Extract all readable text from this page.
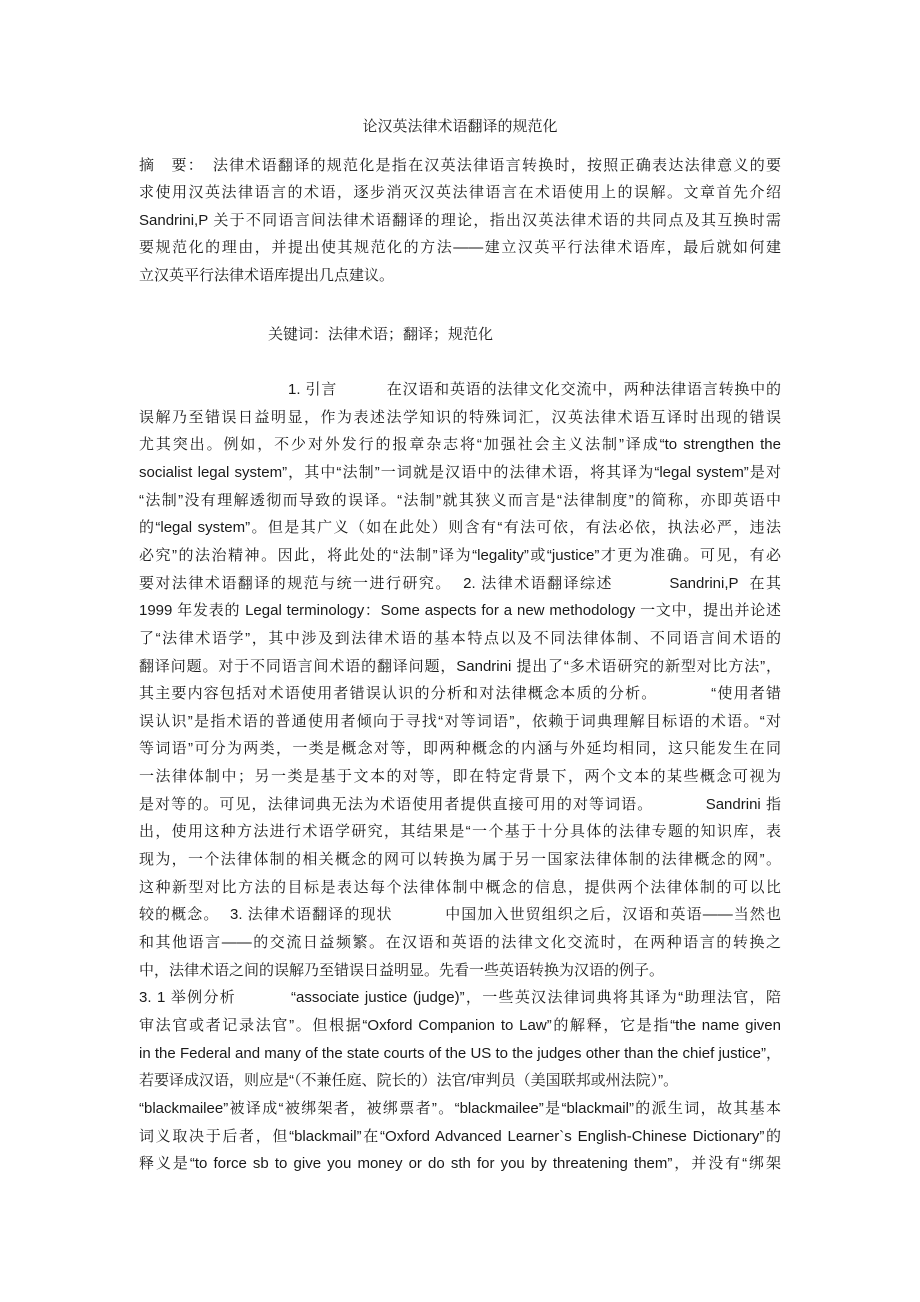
论汉英法律术语翻译的规范化
摘　要：　法律术语翻译的规范化是指在汉英法律语言转换时，按照正确表达法律意义的要
求使用汉英法律语言的术语，逐步消灭汉英法律语言在术语使用上的误解。文章首先介绍
Sandrini,P 关于不同语言间法律术语翻译的理论，指出汉英法律术语的共同点及其互换时需
要规范化的理由，并提出使其规范化的方法——建立汉英平行法律术语库，最后就如何建
立汉英平行法律术语库提出几点建议。
关键词：法律术语；翻译；规范化
1. 引言          在汉语和英语的法律文化交流中，两种法律语言转换中的
误解乃至错误日益明显，作为表述法学知识的特殊词汇，汉英法律术语互译时出现的错误
尤其突出。例如，不少对外发行的报章杂志将“加强社会主义法制”译成“to strengthen the
socialist legal system”，其中“法制”一词就是汉语中的法律术语，将其译为“legal system”是对
“法制”没有理解透彻而导致的误译。“法制”就其狭义而言是“法律制度”的简称，亦即英语中
的“legal system”。但是其广义（如在此处）则含有“有法可依，有法必依，执法必严，违法
必究”的法治精神。因此，将此处的“法制”译为“legality”或“justice”才更为准确。可见，有必
要对法律术语翻译的规范与统一进行研究。  2. 法律术语翻译综述          Sandrini,P  在其
1999 年发表的 Legal terminology：Some aspects for a new methodology 一文中，提出并论述
了“法律术语学”，其中涉及到法律术语的基本特点以及不同法律体制、不同语言间术语的
翻译问题。对于不同语言间术语的翻译问题，Sandrini 提出了“多术语研究的新型对比方法”，
其主要内容包括对术语使用者错误认识的分析和对法律概念本质的分析。          “使用者错
误认识”是指术语的普通使用者倾向于寻找“对等词语”，依赖于词典理解目标语的术语。“对
等词语”可分为两类，一类是概念对等，即两种概念的内涵与外延均相同，这只能发生在同
一法律体制中；另一类是基于文本的对等，即在特定背景下，两个文本的某些概念可视为
是对等的。可见，法律词典无法为术语使用者提供直接可用的对等词语。          Sandrini 指
出，使用这种方法进行术语学研究，其结果是“一个基于十分具体的法律专题的知识库，表
现为，一个法律体制的相关概念的网可以转换为属于另一国家法律体制的法律概念的网”。
这种新型对比方法的目标是表达每个法律体制中概念的信息，提供两个法律体制的可以比
较的概念。  3. 法律术语翻译的现状          中国加入世贸组织之后，汉语和英语——当然也
和其他语言——的交流日益频繁。在汉语和英语的法律文化交流时，在两种语言的转换之
中，法律术语之间的误解乃至错误日益明显。先看一些英语转换为汉语的例子。
3. 1 举例分析          “associate justice (judge)”，一些英汉法律词典将其译为“助理法官，陪
审法官或者记录法官”。但根据“Oxford Companion to Law”的解释，它是指“the name given
in the Federal and many of the state courts of the US to the judges other than the chief justice”，
若要译成汉语，则应是“（不兼任庭、院长的）法官/审判员（美国联邦或州法院）”。
“blackmailee”被译成“被绑架者，被绑票者”。“blackmailee”是“blackmail”的派生词，故其基本
词义取决于后者，但“blackmail”在“Oxford Advanced Learner`s English-Chinese Dictionary”的
释义是“to force sb to give you money or do sth for you by threatening them”，并没有“绑架
